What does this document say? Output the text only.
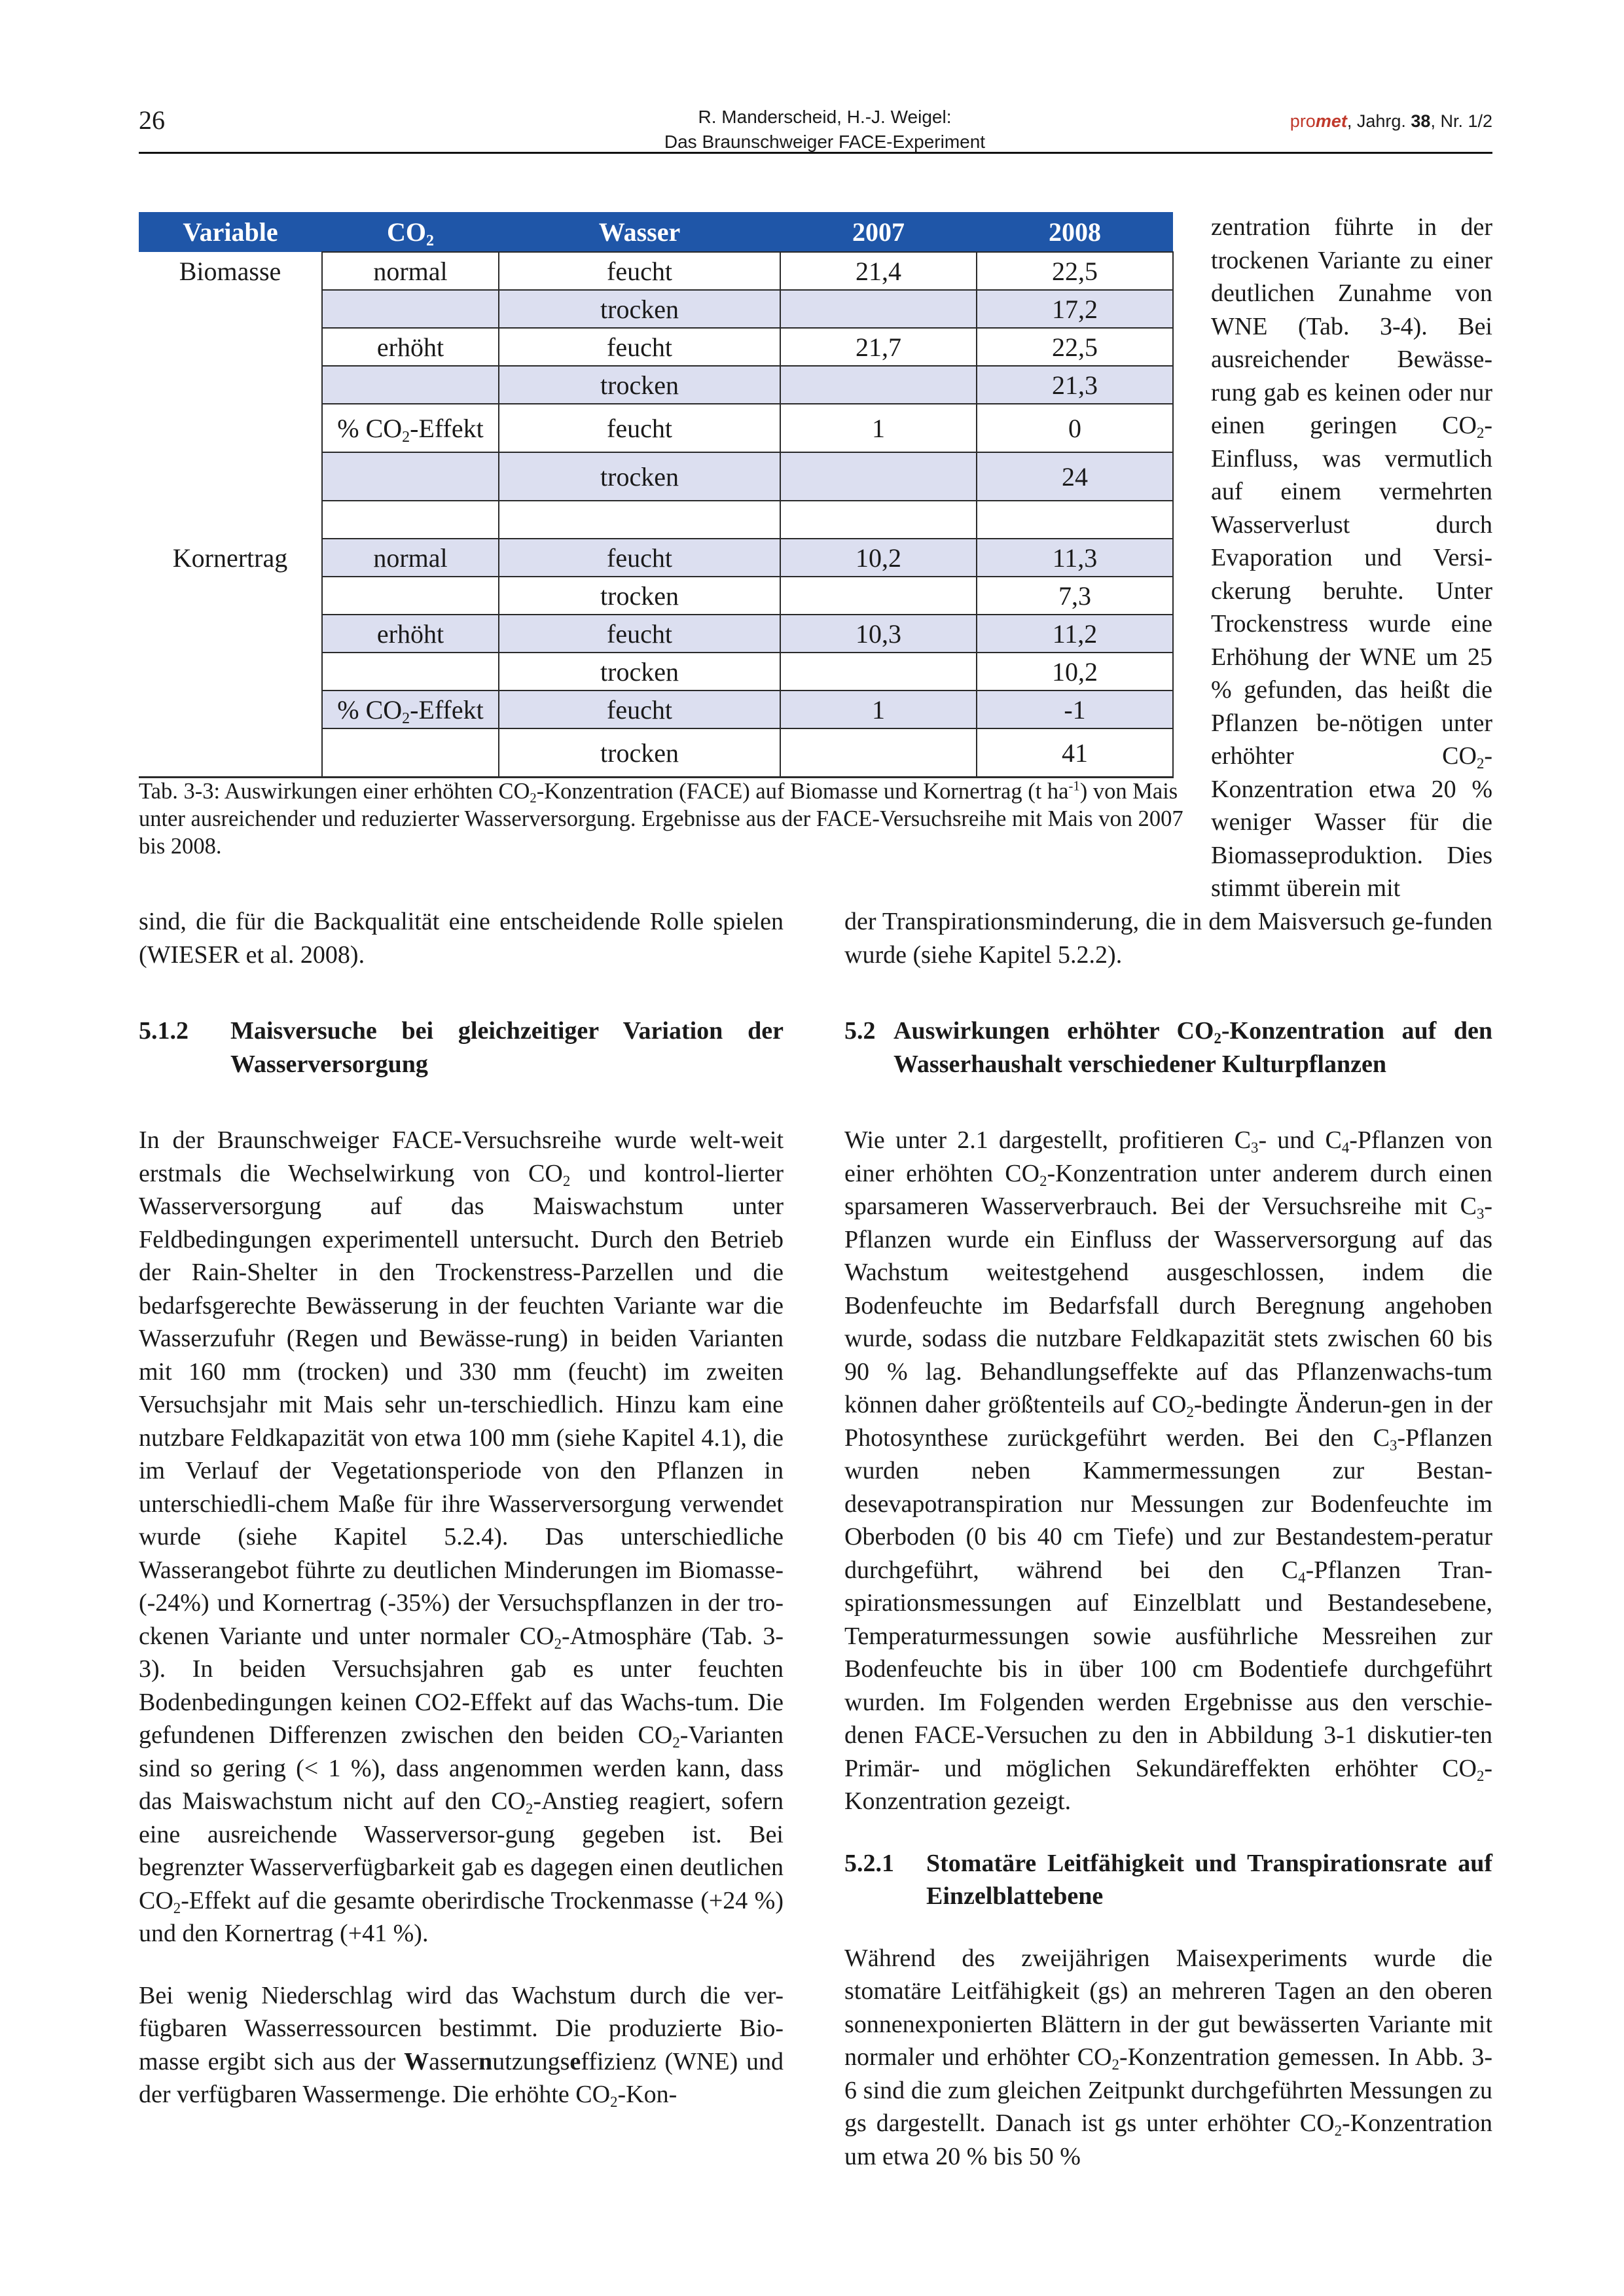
26	R. Manderscheid, H.-J. Weigel:
Das Braunschweiger FACE-Experiment
promet, Jahrg. 38, Nr. 1/2
Variable	$CO_2$	Wasser	2007	2008
Biomasse	normal	feucht	21,4	22,5
		trocken		17,2
	erhöht	feucht	21,7	22,5
		trocken		21,3
	% $CO_2$-Effekt	feucht	1	0
		trocken		24

Kornertrag	normal	feucht	10,2	11,3
		trocken		7,3
	erhöht	feucht	10,3	11,2
		trocken		10,2
	% $CO_2$-Effekt	feucht	1	-1
		trocken		41
Tab. 3-3: Auswirkungen einer erhöhten $CO_2$-Konzentration (FACE) auf Biomasse und Kornertrag (t $ha^{-1}$) von Mais unter ausreichender und reduzierter Wasserversorgung. Ergebnisse aus der FACE-Versuchsreihe mit Mais von 2007 bis 2008.
zentration führte in der trockenen Variante zu einer deutlichen Zunahme von WNE (Tab. 3-4). Bei ausreichender Bewässe-rung gab es keinen oder nur einen geringen $CO_2$-Einfluss, was vermutlich auf einem vermehrten Wasserverlust durch Evaporation und Versi-ckerung beruhte. Unter Trockenstress wurde eine Erhöhung der WNE um 25 % gefunden, das heißt die Pflanzen be-nötigen unter erhöhter $CO_2$-Konzentration etwa 20 % weniger Wasser für die Biomasseproduktion. Dies stimmt überein mit

sind, die für die Backqualität eine entscheidende Rolle spielen (WIESER et al. 2008).

5.1.2	Maisversuche bei gleichzeitiger Variation der Wasserversorgung

In der Braunschweiger FACE-Versuchsreihe wurde welt-weit erstmals die Wechselwirkung von $CO_2$ und kontrol-lierter Wasserversorgung auf das Maiswachstum unter Feldbedingungen experimentell untersucht. Durch den Betrieb der Rain-Shelter in den Trockenstress-Parzellen und die bedarfsgerechte Bewässerung in der feuchten Variante war die Wasserzufuhr (Regen und Bewässe-rung) in beiden Varianten mit 160 mm (trocken) und 330 mm (feucht) im zweiten Versuchsjahr mit Mais sehr un-terschiedlich. Hinzu kam eine nutzbare Feldkapazität von etwa 100 mm (siehe Kapitel 4.1), die im Verlauf der Vegetationsperiode von den Pflanzen in unterschiedli-chem Maße für ihre Wasserversorgung verwendet wurde (siehe Kapitel 5.2.4). Das unterschiedliche Wasserangebot führte zu deutlichen Minderungen im Biomasse- (-24%) und Kornertrag (-35%) der Versuchspflanzen in der tro-ckenen Variante und unter normaler $CO_2$-Atmosphäre (Tab. 3-3). In beiden Versuchsjahren gab es unter feuchten Bodenbedingungen keinen CO2-Effekt auf das Wachs-tum. Die gefundenen Differenzen zwischen den beiden $CO_2$-Varianten sind so gering (< 1 %), dass angenommen werden kann, dass das Maiswachstum nicht auf den $CO_2$-Anstieg reagiert, sofern eine ausreichende Wasserversor-gung gegeben ist. Bei begrenzter Wasserverfügbarkeit gab es dagegen einen deutlichen $CO_2$-Effekt auf die gesamte oberirdische Trockenmasse (+24 %) und den Kornertrag (+41 %).

Bei wenig Niederschlag wird das Wachstum durch die ver-fügbaren Wasserressourcen bestimmt. Die produzierte Bio-masse ergibt sich aus der Wassernutzungseffizienz (WNE) und der verfügbaren Wassermenge. Die erhöhte $CO_2-Kon-$

der Transpirationsminderung, die in dem Maisversuch ge-funden wurde (siehe Kapitel 5.2.2).

5.2 Auswirkungen erhöhter $CO_2$-Konzentration auf den Wasserhaushalt verschiedener Kulturpflanzen

Wie unter 2.1 dargestellt, profitieren $C_3-$ und $C_4$-Pflanzen von einer erhöhten $CO_2$-Konzentration unter anderem durch einen sparsameren Wasserverbrauch. Bei der Versuchsreihe mit $C_3$-Pflanzen wurde ein Einfluss der Wasserversorgung auf das Wachstum weitestgehend ausgeschlossen, indem die Bodenfeuchte im Bedarfsfall durch Beregnung angehoben wurde, sodass die nutzbare Feldkapazität stets zwischen 60 bis 90 % lag. Behandlungseffekte auf das Pflanzenwachs-tum können daher größtenteils auf $CO_2$-bedingte Änderun-gen in der Photosynthese zurückgeführt werden. Bei den $C_3$-Pflanzen wurden neben Kammermessungen zur Bestan-desevapotranspiration nur Messungen zur Bodenfeuchte im Oberboden (0 bis 40 cm Tiefe) und zur Bestandestem-peratur durchgeführt, während bei den $C_4$-Pflanzen Tran-spirationsmessungen auf Einzelblatt und Bestandesebene, Temperaturmessungen sowie ausführliche Messreihen zur Bodenfeuchte bis in über 100 cm Bodentiefe durchgeführt wurden. Im Folgenden werden Ergebnisse aus den verschie-denen FACE-Versuchen zu den in Abbildung 3-1 diskutier-ten Primär- und möglichen Sekundäreffekten erhöhter $CO_2$-Konzentration gezeigt.

5.2.1	Stomatäre Leitfähigkeit und Transpirationsrate auf Einzelblattebene

Während des zweijährigen Maisexperiments wurde die stomatäre Leitfähigkeit (gs) an mehreren Tagen an den oberen sonnenexponierten Blättern in der gut bewässerten Variante mit normaler und erhöhter $CO_2$-Konzentration gemessen. In Abb. 3-6 sind die zum gleichen Zeitpunkt durchgeführten Messungen zu gs dargestellt. Danach ist gs unter erhöhter $CO_2$-Konzentration um etwa 20 % bis 50 %
